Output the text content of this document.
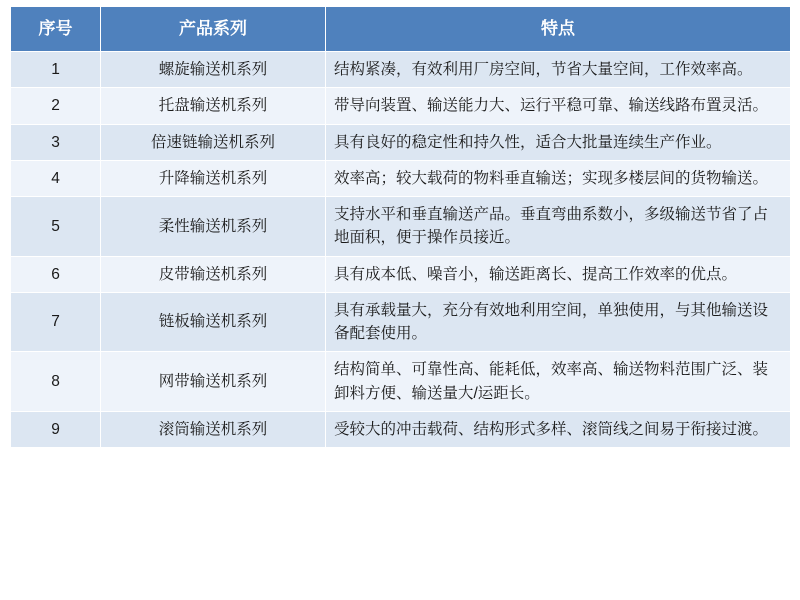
序号	产品系列	特点
1	螺旋输送机系列	结构紧凑，有效利用厂房空间，节省大量空间，工作效率高。
2	托盘输送机系列	带导向装置、输送能力大、运行平稳可靠、输送线路布置灵活。
3	倍速链输送机系列	具有良好的稳定性和持久性，适合大批量连续生产作业。
4	升降输送机系列	效率高；较大载荷的物料垂直输送；实现多楼层间的货物输送。
5	柔性输送机系列	支持水平和垂直输送产品。垂直弯曲系数小，多级输送节省了占地面积，便于操作员接近。
6	皮带输送机系列	具有成本低、噪音小，输送距离长、提高工作效率的优点。
7	链板输送机系列	具有承载量大，充分有效地利用空间，单独使用，与其他输送设备配套使用。
8	网带输送机系列	结构简单、可靠性高、能耗低，效率高、输送物料范围广泛、装卸料方便、输送量大/运距长。
9	滚筒输送机系列	受较大的冲击载荷、结构形式多样、滚筒线之间易于衔接过渡。
